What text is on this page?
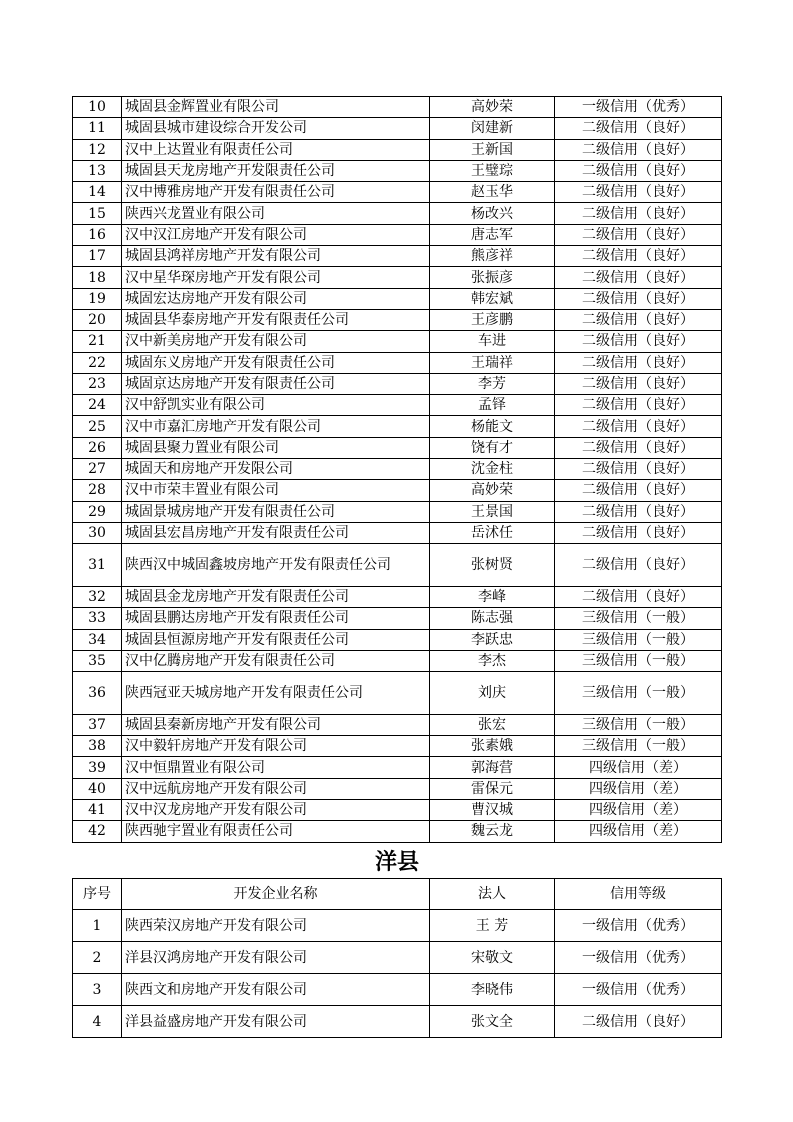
10	城固县金辉置业有限公司	高妙荣	一级信用（优秀）
11	城固县城市建设综合开发公司	闵建新	二级信用（良好）
12	汉中上达置业有限责任公司	王新国	二级信用（良好）
13	城固县天龙房地产开发限责任公司	王璧琮	二级信用（良好）
14	汉中博雅房地产开发有限责任公司	赵玉华	二级信用（良好）
15	陕西兴龙置业有限公司	杨改兴	二级信用（良好）
16	汉中汉江房地产开发有限公司	唐志军	二级信用（良好）
17	城固县鸿祥房地产开发有限公司	熊彦祥	二级信用（良好）
18	汉中星华琛房地产开发有限公司	张振彦	二级信用（良好）
19	城固宏达房地产开发有限公司	韩宏斌	二级信用（良好）
20	城固县华泰房地产开发有限责任公司	王彦鹏	二级信用（良好）
21	汉中新美房地产开发有限公司	车进	二级信用（良好）
22	城固东义房地产开发有限责任公司	王瑞祥	二级信用（良好）
23	城固京达房地产开发有限责任公司	李芳	二级信用（良好）
24	汉中舒凯实业有限公司	孟铎	二级信用（良好）
25	汉中市嘉汇房地产开发有限公司	杨能文	二级信用（良好）
26	城固县聚力置业有限公司	饶有才	二级信用（良好）
27	城固天和房地产开发限公司	沈金柱	二级信用（良好）
28	汉中市荣丰置业有限公司	高妙荣	二级信用（良好）
29	城固景城房地产开发有限责任公司	王景国	二级信用（良好）
30	城固县宏昌房地产开发有限责任公司	岳沭任	二级信用（良好）
31	陕西汉中城固鑫坡房地产开发有限责任公司	张树贤	二级信用（良好）
32	城固县金龙房地产开发有限责任公司	李峰	二级信用（良好）
33	城固县鹏达房地产开发有限责任公司	陈志强	三级信用（一般）
34	城固县恒源房地产开发有限责任公司	李跃忠	三级信用（一般）
35	汉中亿腾房地产开发有限责任公司	李杰	三级信用（一般）
36	陕西冠亚天城房地产开发有限责任公司	刘庆	三级信用（一般）
37	城固县秦新房地产开发有限公司	张宏	三级信用（一般）
38	汉中毅轩房地产开发有限公司	张素娥	三级信用（一般）
39	汉中恒鼎置业有限公司	郭海营	四级信用（差）
40	汉中远航房地产开发有限公司	雷保元	四级信用（差）
41	汉中汉龙房地产开发有限公司	曹汉城	四级信用（差）
42	陕西驰宇置业有限责任公司	魏云龙	四级信用（差）
洋县
序号	开发企业名称	法人	信用等级
1	陕西荣汉房地产开发有限公司	王 芳	一级信用（优秀）
2	洋县汉鸿房地产开发有限公司	宋敬文	一级信用（优秀）
3	陕西文和房地产开发有限公司	李晓伟	一级信用（优秀）
4	洋县益盛房地产开发有限公司	张文全	二级信用（良好）
